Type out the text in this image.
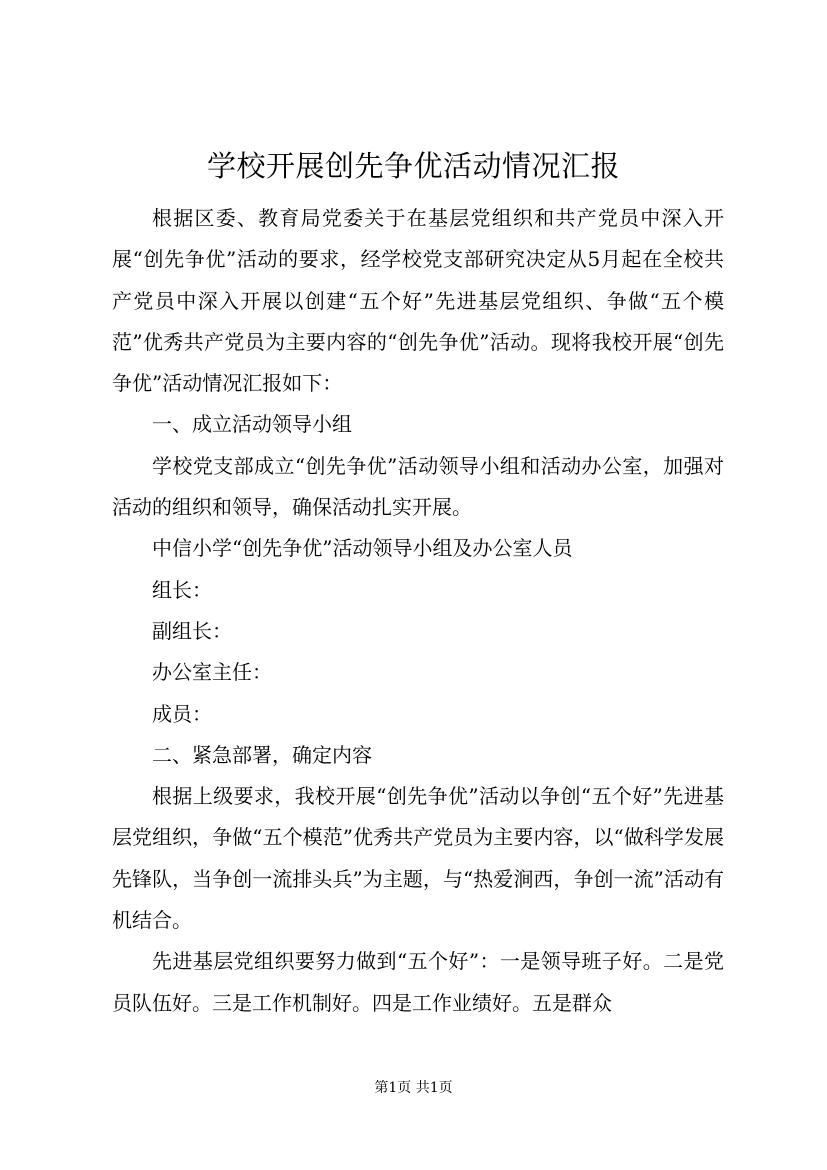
学校开展创先争优活动情况汇报

根据区委、教育局党委关于在基层党组织和共产党员中深入开展“创先争优”活动的要求，经学校党支部研究决定从5月起在全校共产党员中深入开展以创建“五个好”先进基层党组织、争做“五个模范”优秀共产党员为主要内容的“创先争优”活动。现将我校开展“创先争优”活动情况汇报如下：

一、成立活动领导小组

学校党支部成立“创先争优”活动领导小组和活动办公室，加强对活动的组织和领导，确保活动扎实开展。

中信小学“创先争优”活动领导小组及办公室人员

组长：

副组长：

办公室主任：

成员：

二、紧急部署，确定内容

根据上级要求，我校开展“创先争优”活动以争创“五个好”先进基层党组织，争做“五个模范”优秀共产党员为主要内容，以“做科学发展先锋队，当争创一流排头兵”为主题，与“热爱涧西，争创一流”活动有机结合。

先进基层党组织要努力做到“五个好”：一是领导班子好。二是党员队伍好。三是工作机制好。四是工作业绩好。五是群众

第1页 共1页
